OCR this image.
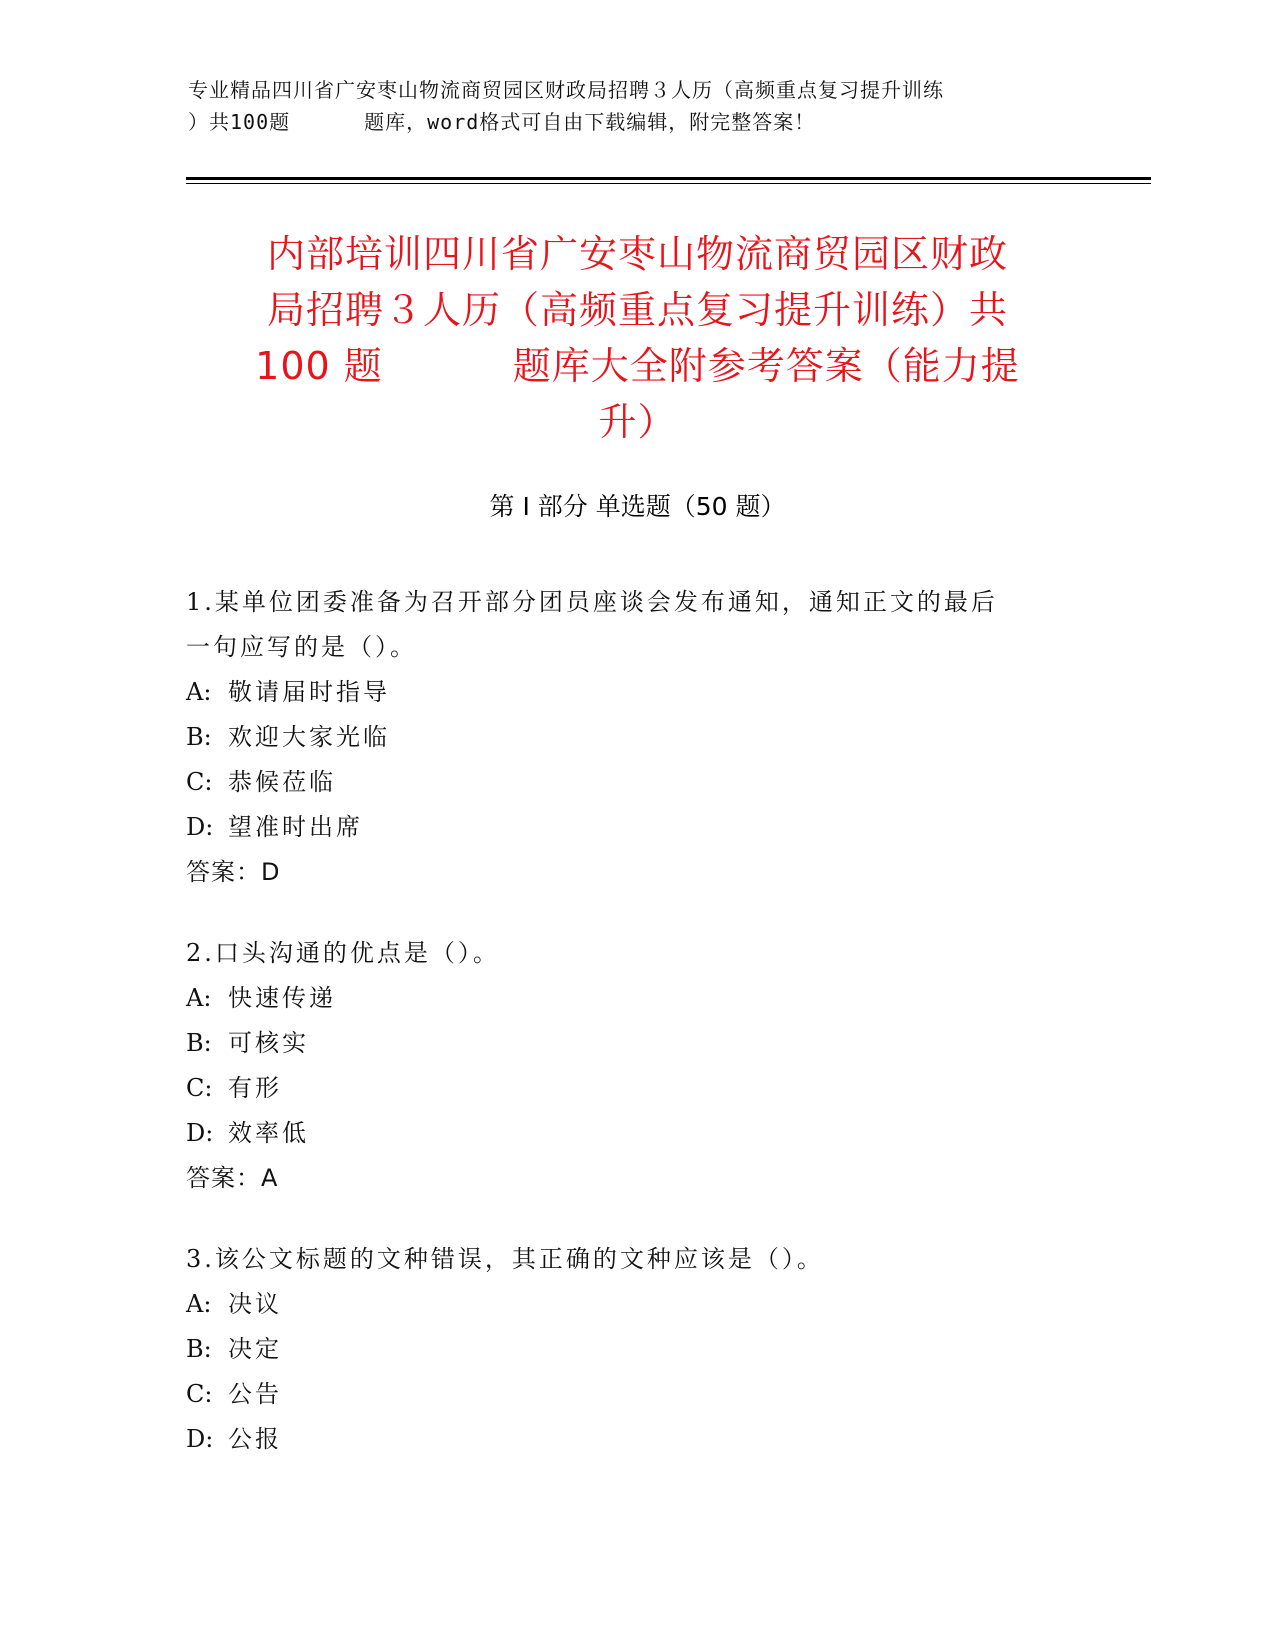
专业精品四川省广安枣山物流商贸园区财政局招聘３人历（高频重点复习提升训练
）共100题	题库，word格式可自由下载编辑，附完整答案！
内部培训四川省广安枣山物流商贸园区财政
局招聘３人历（高频重点复习提升训练）共
100 题	题库大全附参考答案（能力提
升）
第 I 部分 单选题（50 题）
1.某单位团委准备为召开部分团员座谈会发布通知，通知正文的最后
一句应写的是（）。
A: 敬请届时指导
B: 欢迎大家光临
C: 恭候莅临
D: 望准时出席
答案：D
2.口头沟通的优点是（）。
A: 快速传递
B: 可核实
C: 有形
D: 效率低
答案：A
3.该公文标题的文种错误，其正确的文种应该是（）。
A: 决议
B: 决定
C: 公告
D: 公报
